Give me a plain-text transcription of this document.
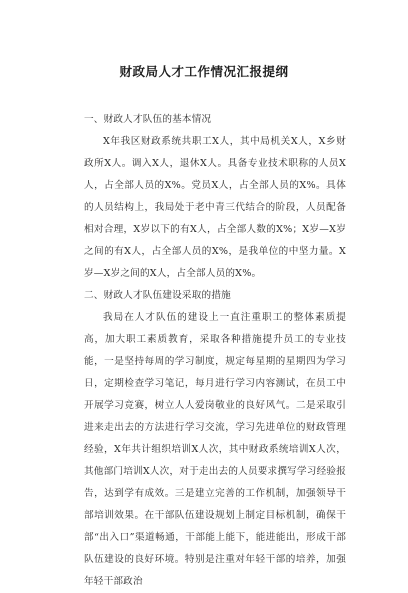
财政局人才工作情况汇报提纲

一、财政人才队伍的基本情况

X年我区财政系统共职工X人，其中局机关X人，X乡财政所X人。调入X人，退休X人。具备专业技术职称的人员X人，占全部人员的X%。党员X人，占全部人员的X%。具体的人员结构上，我局处于老中青三代结合的阶段，人员配备相对合理，X岁以下的有X人，占全部人数的X%；X岁—X岁之间的有X人，占全部人员的X%，是我单位的中坚力量。X岁—X岁之间的X人，占全部人员的X%。

二、财政人才队伍建设采取的措施

我局在人才队伍的建设上一直注重职工的整体素质提高，加大职工素质教育，采取各种措施提升员工的专业技能，一是坚持每周的学习制度，规定每星期的星期四为学习日，定期检查学习笔记，每月进行学习内容测试，在员工中开展学习竞赛，树立人人爱岗敬业的良好风气。二是采取引进来走出去的方法进行学习交流，学习先进单位的财政管理经验，X年共计组织培训X人次，其中财政系统培训X人次，其他部门培训X人次，对于走出去的人员要求撰写学习经验报告，达到学有成效。三是建立完善的工作机制，加强领导干部培训效果。在干部队伍建设规划上制定目标机制，确保干部“出入口”渠道畅通，干部能上能下，能进能出，形成干部队伍建设的良好环境。特别是注重对年轻干部的培养，加强年轻干部政治
